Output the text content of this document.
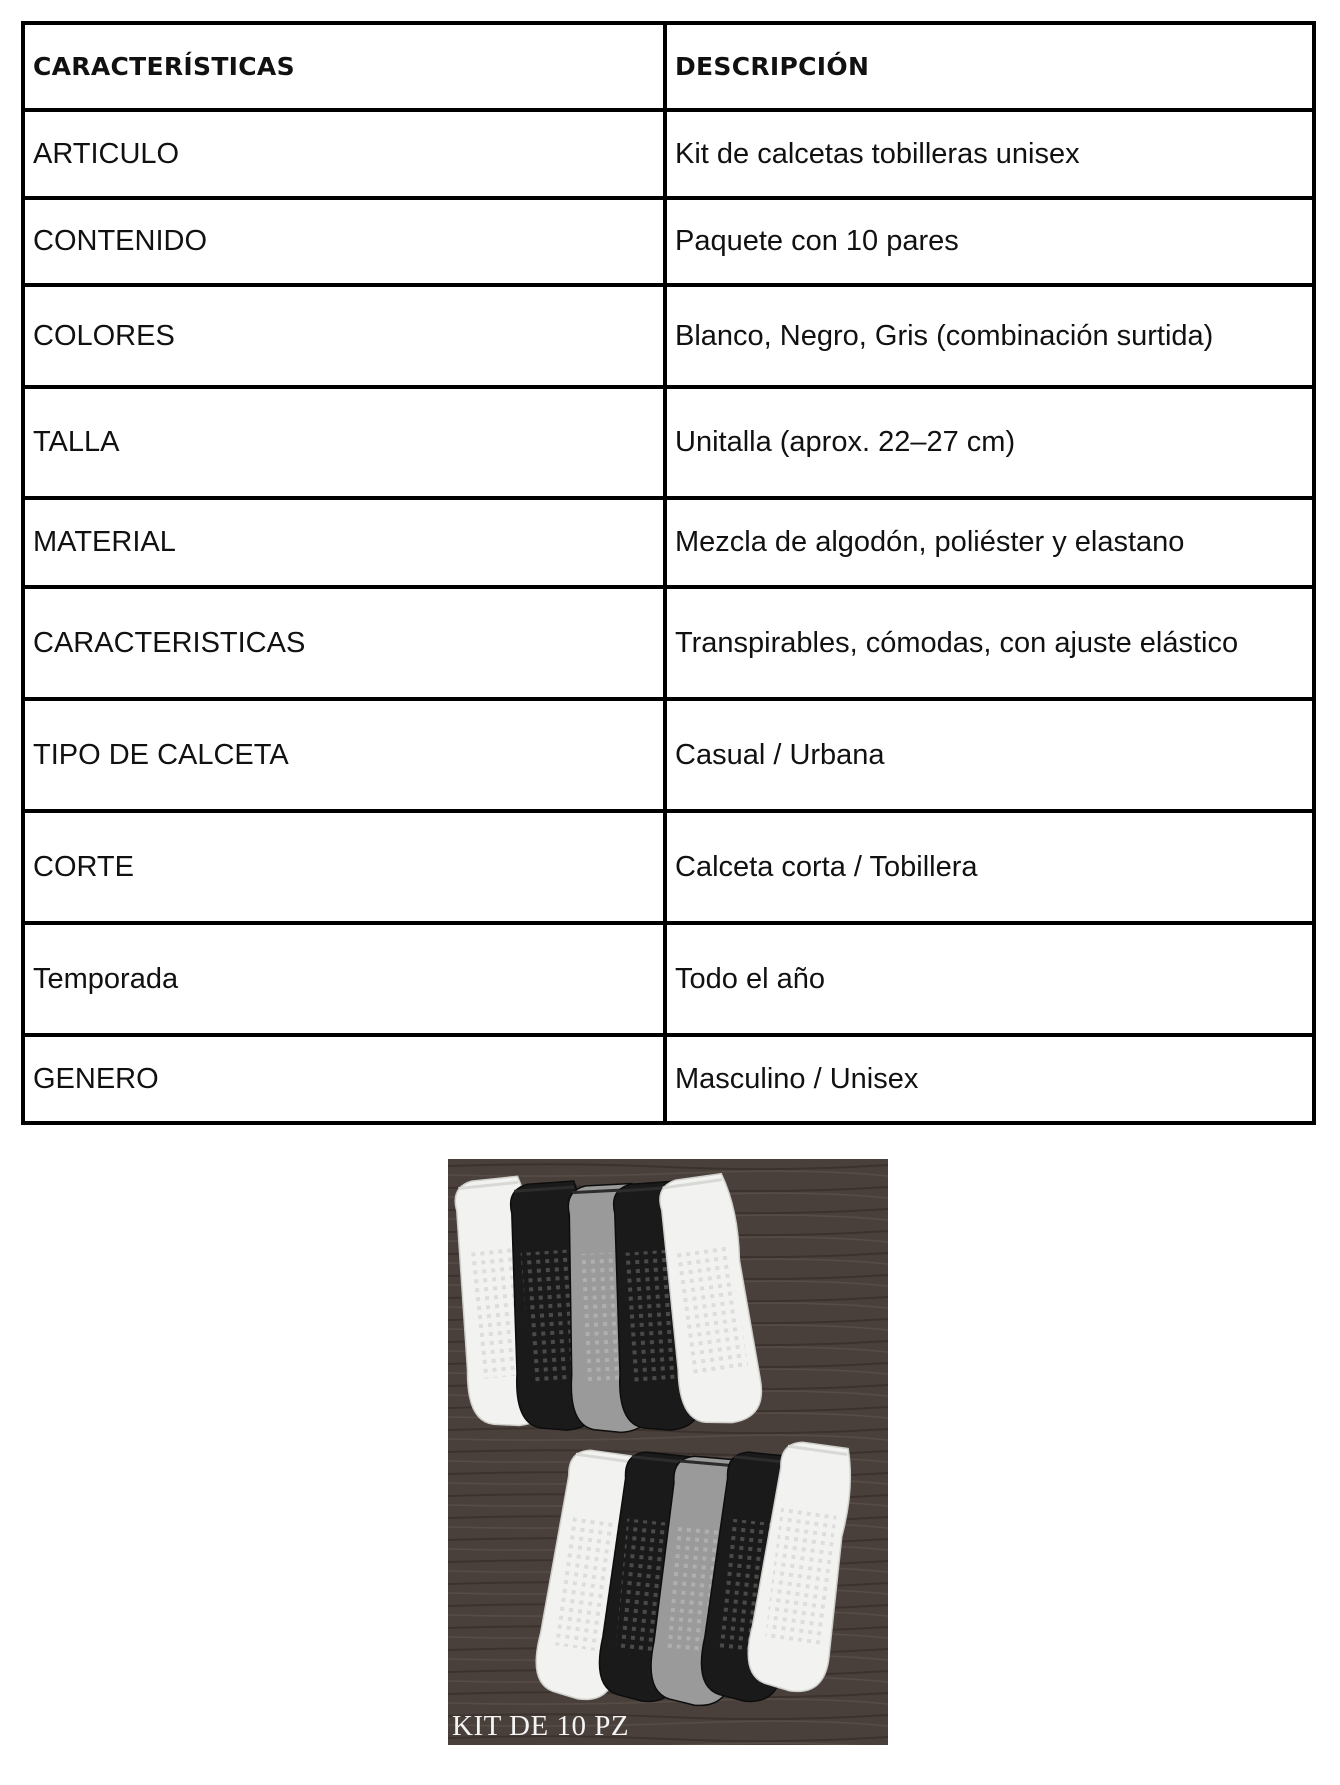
CARACTERÍSTICAS	DESCRIPCIÓN
ARTICULO	Kit de calcetas tobilleras unisex
CONTENIDO	Paquete con 10 pares
COLORES	Blanco, Negro, Gris (combinación surtida)
TALLA	Unitalla (aprox. 22–27 cm)
MATERIAL	Mezcla de algodón, poliéster y elastano
CARACTERISTICAS	Transpirables, cómodas, con ajuste elástico
TIPO DE CALCETA	Casual / Urbana
CORTE	Calceta corta / Tobillera
Temporada	Todo el año
GENERO	Masculino / Unisex
KIT DE 10 PZ
